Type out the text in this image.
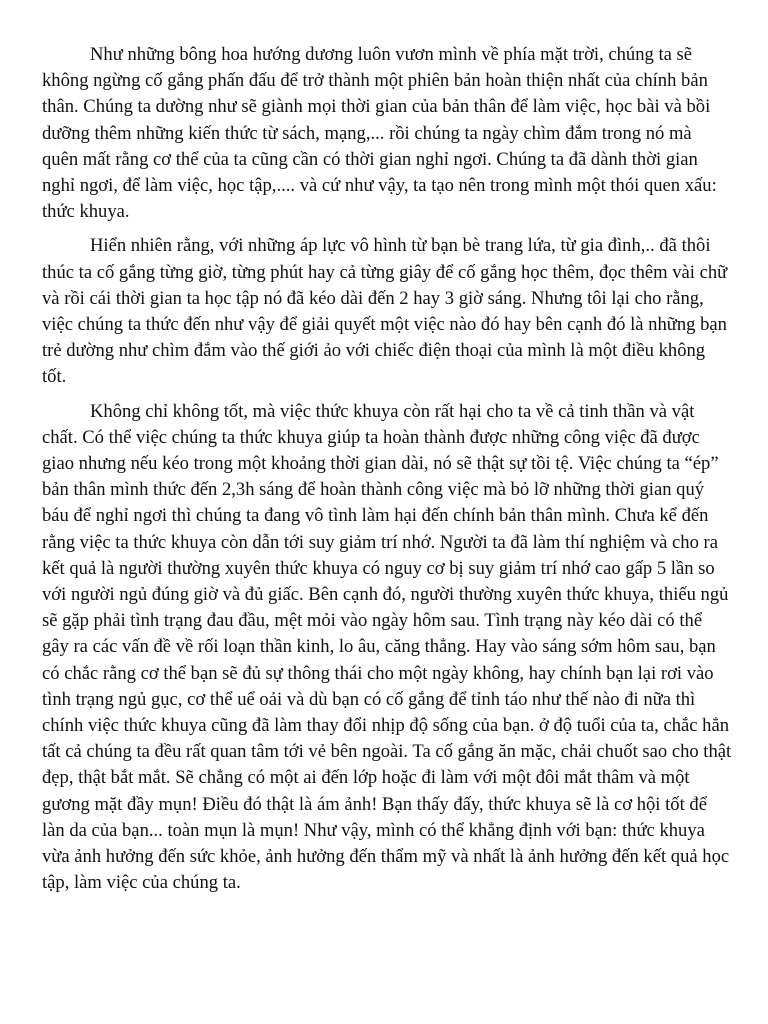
Như những bông hoa hướng dương luôn vươn mình về phía mặt trời, chúng ta sẽ không ngừng cố gắng phấn đấu để trở thành một phiên bản hoàn thiện nhất của chính bản thân. Chúng ta dường như sẽ giành mọi thời gian của bản thân để làm việc, học bài và bồi dưỡng thêm những kiến thức từ sách, mạng,... rồi chúng ta ngày chìm đắm trong nó mà quên mất rằng cơ thể của ta cũng cần có thời gian nghỉ ngơi. Chúng ta đã dành thời gian nghỉ ngơi, để làm việc, học tập,.... và cứ như vậy, ta tạo nên trong mình một thói quen xấu: thức khuya.

Hiển nhiên rằng, với những áp lực vô hình từ bạn bè trang lứa, từ gia đình,.. đã thôi thúc ta cố gắng từng giờ, từng phút hay cả từng giây để cố gắng học thêm, đọc thêm vài chữ và rồi cái thời gian ta học tập nó đã kéo dài đến 2 hay 3 giờ sáng. Nhưng tôi lại cho rằng, việc chúng ta thức đến như vậy để giải quyết một việc nào đó hay bên cạnh đó là những bạn trẻ dường như chìm đắm vào thế giới ảo với chiếc điện thoại của mình là một điều không tốt.

Không chỉ không tốt, mà việc thức khuya còn rất hại cho ta về cả tinh thần và vật chất. Có thể việc chúng ta thức khuya giúp ta hoàn thành được những công việc đã được giao nhưng nếu kéo trong một khoảng thời gian dài, nó sẽ thật sự tồi tệ. Việc chúng ta “ép” bản thân mình thức đến 2,3h sáng để hoàn thành công việc mà bỏ lỡ những thời gian quý báu để nghỉ ngơi thì chúng ta đang vô tình làm hại đến chính bản thân mình. Chưa kể đến rằng việc ta thức khuya còn dẫn tới suy giảm trí nhớ. Người ta đã làm thí nghiệm và cho ra kết quả là người thường xuyên thức khuya có nguy cơ bị suy giảm trí nhớ cao gấp 5 lần so với người ngủ đúng giờ và đủ giấc. Bên cạnh đó, người thường xuyên thức khuya, thiếu ngủ sẽ gặp phải tình trạng đau đầu, mệt mỏi vào ngày hôm sau. Tình trạng này kéo dài có thể gây ra các vấn đề về rối loạn thần kinh, lo âu, căng thẳng. Hay vào sáng sớm hôm sau, bạn có chắc rằng cơ thể bạn sẽ đủ sự thông thái cho một ngày không, hay chính bạn lại rơi vào tình trạng ngủ gục, cơ thể uể oải và dù bạn có cố gắng để tỉnh táo như thế nào đi nữa thì chính việc thức khuya cũng đã làm thay đổi nhịp độ sống của bạn. ở độ tuổi của ta, chắc hẳn tất cả chúng ta đều rất quan tâm tới vẻ bên ngoài. Ta cố gắng ăn mặc, chải chuốt sao cho thật đẹp, thật bắt mắt. Sẽ chẳng có một ai đến lớp hoặc đi làm với một đôi mắt thâm và một gương mặt đầy mụn! Điều đó thật là ám ảnh! Bạn thấy đấy, thức khuya sẽ là cơ hội tốt để làn da của bạn... toàn mụn là mụn! Như vậy, mình có thể khẳng định với bạn: thức khuya vừa ảnh hưởng đến sức khỏe, ảnh hưởng đến thẩm mỹ và nhất là ảnh hưởng đến kết quả học tập, làm việc của chúng ta.
